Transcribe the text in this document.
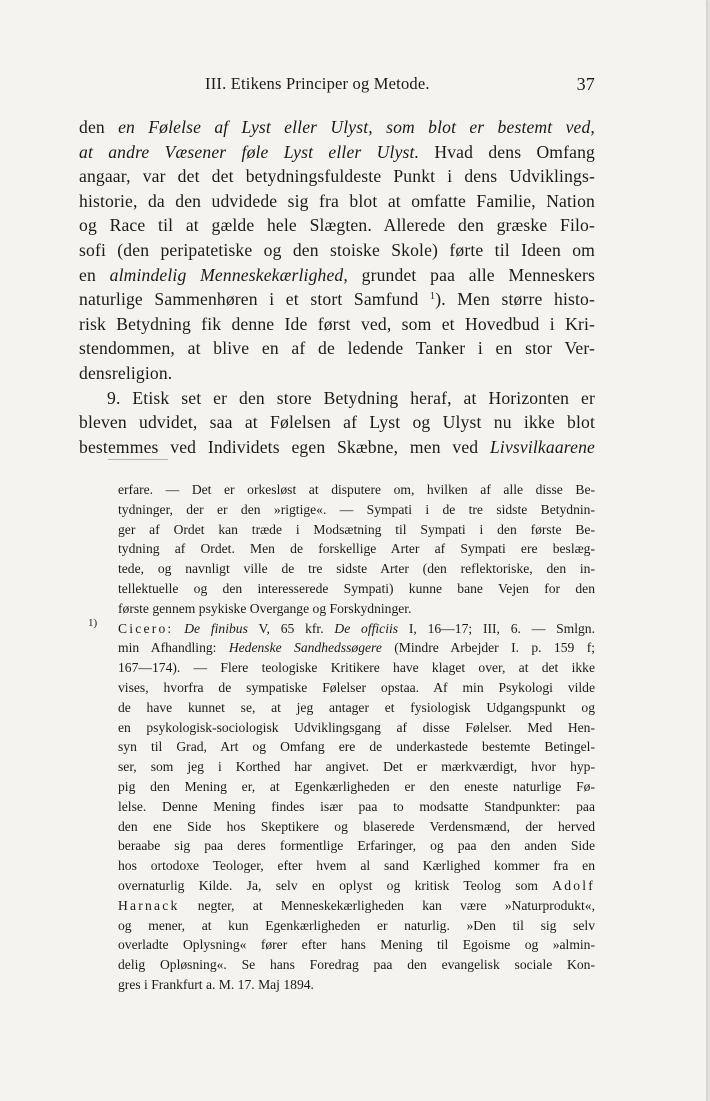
III. Etikens Principer og Metode.	37
den en Følelse af Lyst eller Ulyst, som blot er bestemt ved,
at andre Væsener føle Lyst eller Ulyst. Hvad dens Omfang
angaar, var det det betydningsfuldeste Punkt i dens Udviklings-
historie, da den udvidede sig fra blot at omfatte Familie, Nation
og Race til at gælde hele Slægten. Allerede den græske Filo-
sofi (den peripatetiske og den stoiske Skole) førte til Ideen om
en almindelig Menneskekærlighed, grundet paa alle Menneskers
naturlige Sammenhøren i et stort Samfund $^1$). Men større histo-
risk Betydning fik denne Ide først ved, som et Hovedbud i Kri-
stendommen, at blive en af de ledende Tanker i en stor Ver-
densreligion.
9. Etisk set er den store Betydning heraf, at Horizonten er
bleven udvidet, saa at Følelsen af Lyst og Ulyst nu ikke blot
bestemmes ved Individets egen Skæbne, men ved Livsvilkaarene
1)
erfare. — Det er orkesløst at disputere om, hvilken af alle disse Be-
tydninger, der er den »rigtige«. — Sympati i de tre sidste Betydnin-
ger af Ordet kan træde i Modsætning til Sympati i den første Be-
tydning af Ordet. Men de forskellige Arter af Sympati ere beslæg-
tede, og navnligt ville de tre sidste Arter (den reflektoriske, den in-
tellektuelle og den interesserede Sympati) kunne bane Vejen for den
første gennem psykiske Overgange og Forskydninger.
Cicero: De finibus V, 65 kfr. De officiis I, 16—17; III, 6. — Smlgn.
min Afhandling: Hedenske Sandhedssøgere (Mindre Arbejder I. p. 159 f;
167—174). — Flere teologiske Kritikere have klaget over, at det ikke
vises, hvorfra de sympatiske Følelser opstaa. Af min Psykologi vilde
de have kunnet se, at jeg antager et fysiologisk Udgangspunkt og
en psykologisk-sociologisk Udviklingsgang af disse Følelser. Med Hen-
syn til Grad, Art og Omfang ere de underkastede bestemte Betingel-
ser, som jeg i Korthed har angivet. Det er mærkværdigt, hvor hyp-
pig den Mening er, at Egenkærligheden er den eneste naturlige Fø-
lelse. Denne Mening findes især paa to modsatte Standpunkter: paa
den ene Side hos Skeptikere og blaserede Verdensmænd, der herved
beraabe sig paa deres formentlige Erfaringer, og paa den anden Side
hos ortodoxe Teologer, efter hvem al sand Kærlighed kommer fra en
overnaturlig Kilde. Ja, selv en oplyst og kritisk Teolog som Adolf
Harnack negter, at Menneskekærligheden kan være »Naturprodukt«,
og mener, at kun Egenkærligheden er naturlig. »Den til sig selv
overladte Oplysning« fører efter hans Mening til Egoisme og »almin-
delig Opløsning«. Se hans Foredrag paa den evangelisk sociale Kon-
gres i Frankfurt a. M. 17. Maj 1894.
